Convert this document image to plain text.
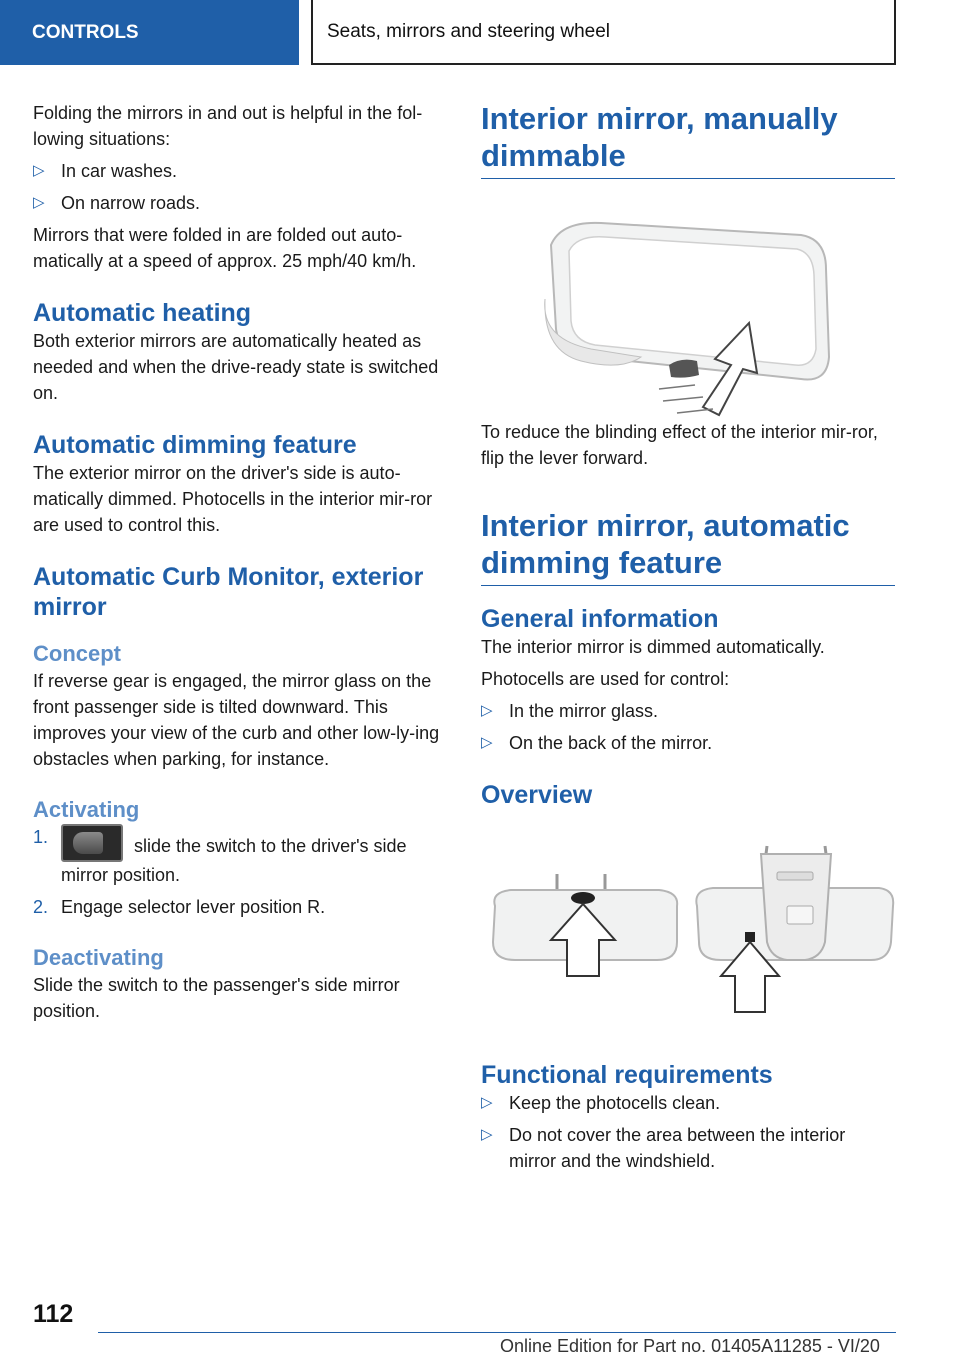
CONTROLS	Seats, mirrors and steering wheel

Folding the mirrors in and out is helpful in the fol‐lowing situations:

▷ In car washes.
▷ On narrow roads.

Mirrors that were folded in are folded out auto‐matically at a speed of approx. 25 mph/40 km/h.

Automatic heating

Both exterior mirrors are automatically heated as needed and when the drive-ready state is switched on.

Automatic dimming feature

The exterior mirror on the driver's side is auto‐matically dimmed. Photocells in the interior mir‐ror are used to control this.

Automatic Curb Monitor, exterior mirror
Concept

If reverse gear is engaged, the mirror glass on the front passenger side is tilted downward. This improves your view of the curb and other low-ly‐ing obstacles when parking, for instance.

Activating
1.	slide the switch to the driver's side mirror position.
2. Engage selector lever position R.
Deactivating

Slide the switch to the passenger's side mirror position.

Interior mirror, manually dimmable

To reduce the blinding effect of the interior mir‐ror, flip the lever forward.

Interior mirror, automatic dimming feature
General information

The interior mirror is dimmed automatically.

Photocells are used for control:

▷ In the mirror glass.
▷ On the back of the mirror.
Overview
Functional requirements
▷ Keep the photocells clean.
▷ Do not cover the area between the interior mirror and the windshield.
112
Online Edition for Part no. 01405A11285 - VI/20
